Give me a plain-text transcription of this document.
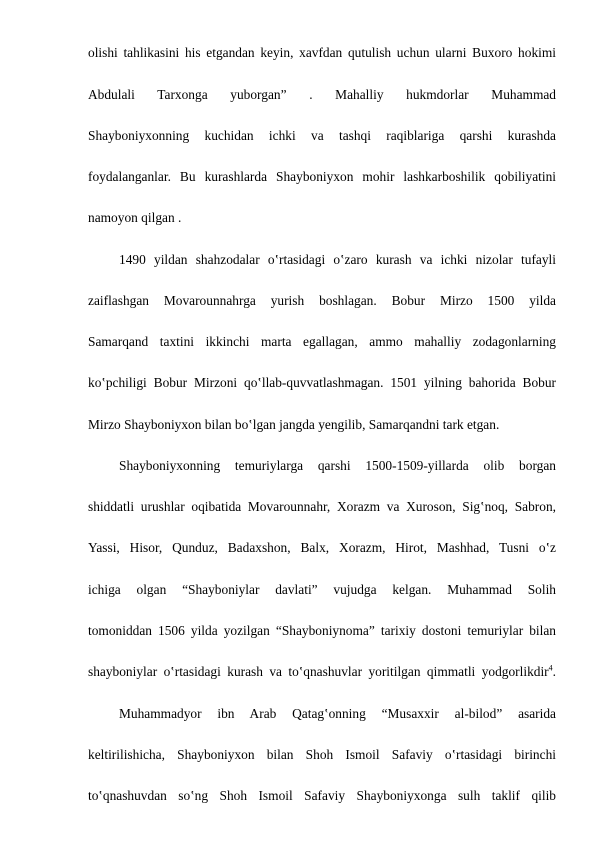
olishi tahlikasini his etgandan keyin, xavfdan qutulish uchun ularni Buxoro hokimi
Abdulali Tarxonga yuborgan” . Mahalliy hukmdorlar Muhammad
Shayboniyxonning kuchidan ichki va tashqi raqiblariga qarshi kurashda
foydalanganlar. Bu kurashlarda Shayboniyxon mohir lashkarboshilik qobiliyatini
namoyon qilgan .
1490 yildan shahzodalar o‛rtasidagi o‛zaro kurash va ichki nizolar tufayli
zaiflashgan Movarounnahrga yurish boshlagan. Bobur Mirzo 1500 yilda
Samarqand taxtini ikkinchi marta egallagan, ammo mahalliy zodagonlarning
ko‛pchiligi Bobur Mirzoni qo‛llab-quvvatlashmagan. 1501 yilning bahorida Bobur
Mirzo Shayboniyxon bilan bo‛lgan jangda yengilib, Samarqandni tark etgan.
Shayboniyxonning temuriylarga qarshi 1500-1509-yillarda olib borgan
shiddatli urushlar oqibatida Movarounnahr, Xorazm va Xuroson, Sig‛noq, Sabron,
Yassi, Hisor, Qunduz, Badaxshon, Balx, Xorazm, Hirot, Mashhad, Tusni o‛z
ichiga olgan “Shayboniylar davlati” vujudga kelgan. Muhammad Solih
tomoniddan 1506 yilda yozilgan “Shayboniynoma” tarixiy dostoni temuriylar bilan
shayboniylar o‛rtasidagi kurash va to‛qnashuvlar yoritilgan qimmatli yodgorlikdir$^4$.
Muhammadyor ibn Arab Qatag‛onning “Musaxxir al-bilod” asarida
keltirilishicha, Shayboniyxon bilan Shoh Ismoil Safaviy o‛rtasidagi birinchi
to‛qnashuvdan so‛ng Shoh Ismoil Safaviy Shayboniyxonga sulh taklif qilib
